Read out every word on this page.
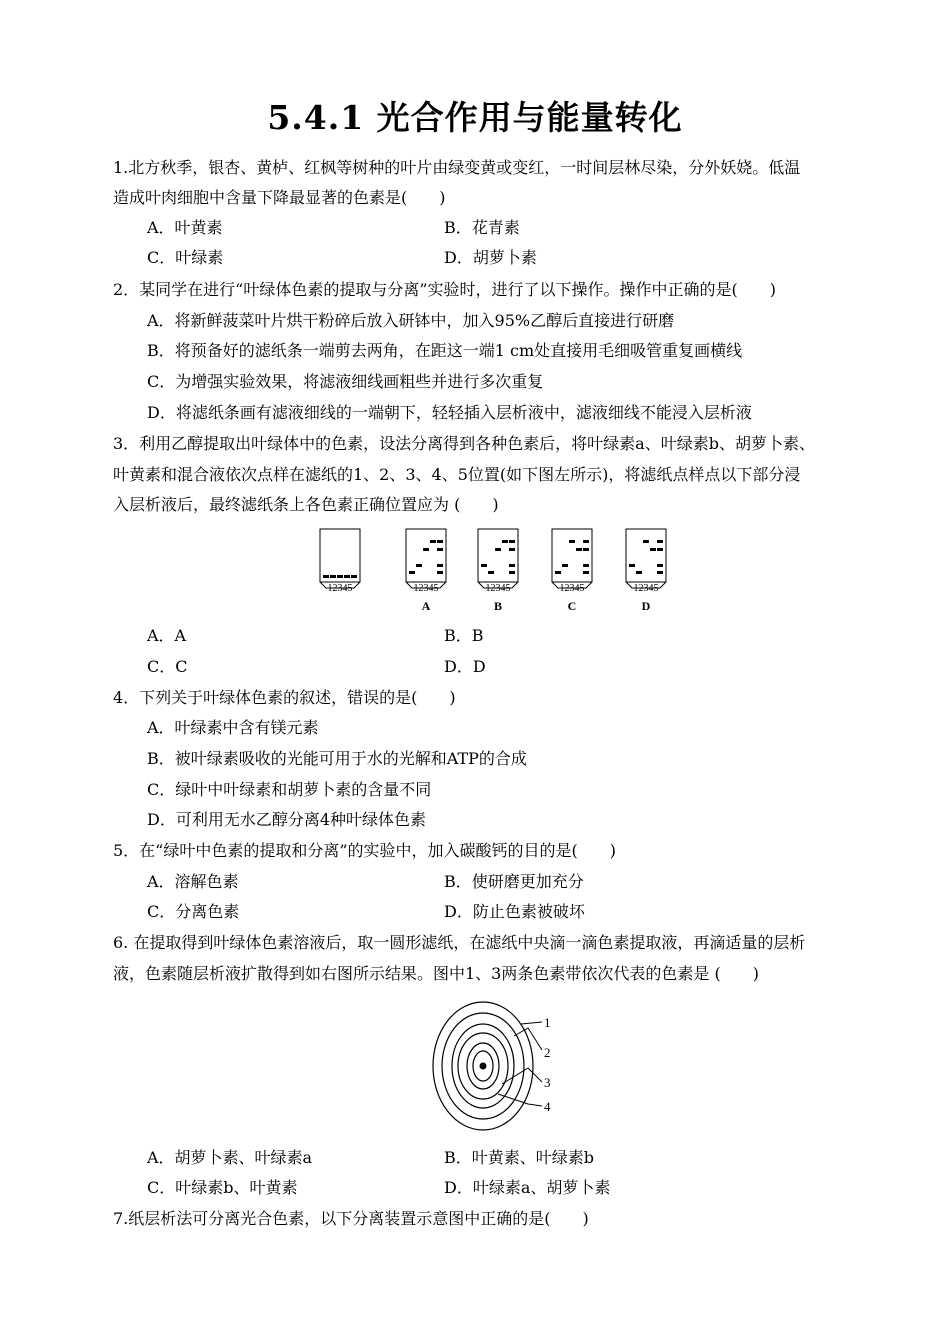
5.4.1 光合作用与能量转化
1.北方秋季，银杏、黄栌、红枫等树种的叶片由绿变黄或变红，一时间层林尽染，分外妖娆。低温
造成叶肉细胞中含量下降最显著的色素是(　　)
A．叶黄素	B．花青素
C．叶绿素	D．胡萝卜素
2．某同学在进行“叶绿体色素的提取与分离”实验时，进行了以下操作。操作中正确的是(　　)
A．将新鲜菠菜叶片烘干粉碎后放入研钵中，加入95%乙醇后直接进行研磨
B．将预备好的滤纸条一端剪去两角，在距这一端1 cm处直接用毛细吸管重复画横线
C．为增强实验效果，将滤液细线画粗些并进行多次重复
D．将滤纸条画有滤液细线的一端朝下，轻轻插入层析液中，滤液细线不能浸入层析液
3．利用乙醇提取出叶绿体中的色素，设法分离得到各种色素后，将叶绿素a、叶绿素b、胡萝卜素、
叶黄素和混合液依次点样在滤纸的1、2、3、4、5位置(如下图左所示)，将滤纸点样点以下部分浸
入层析液后，最终滤纸条上各色素正确位置应为 (　　)
12345	12345	12345	12345	12345
A	B	C	D
A．A	B．B
C．C	D．D
4．下列关于叶绿体色素的叙述，错误的是(　　)
A．叶绿素中含有镁元素
B．被叶绿素吸收的光能可用于水的光解和ATP的合成
C．绿叶中叶绿素和胡萝卜素的含量不同
D．可利用无水乙醇分离4种叶绿体色素
5．在“绿叶中色素的提取和分离”的实验中，加入碳酸钙的目的是(　　)
A．溶解色素	B．使研磨更加充分
C．分离色素	D．防止色素被破坏
6. 在提取得到叶绿体色素溶液后，取一圆形滤纸，在滤纸中央滴一滴色素提取液，再滴适量的层析
液，色素随层析液扩散得到如右图所示结果。图中1、3两条色素带依次代表的色素是 (　　)
1
2
3
4
A．胡萝卜素、叶绿素a	B．叶黄素、叶绿素b
C．叶绿素b、叶黄素	D．叶绿素a、胡萝卜素
7.纸层析法可分离光合色素，以下分离装置示意图中正确的是(　　)
